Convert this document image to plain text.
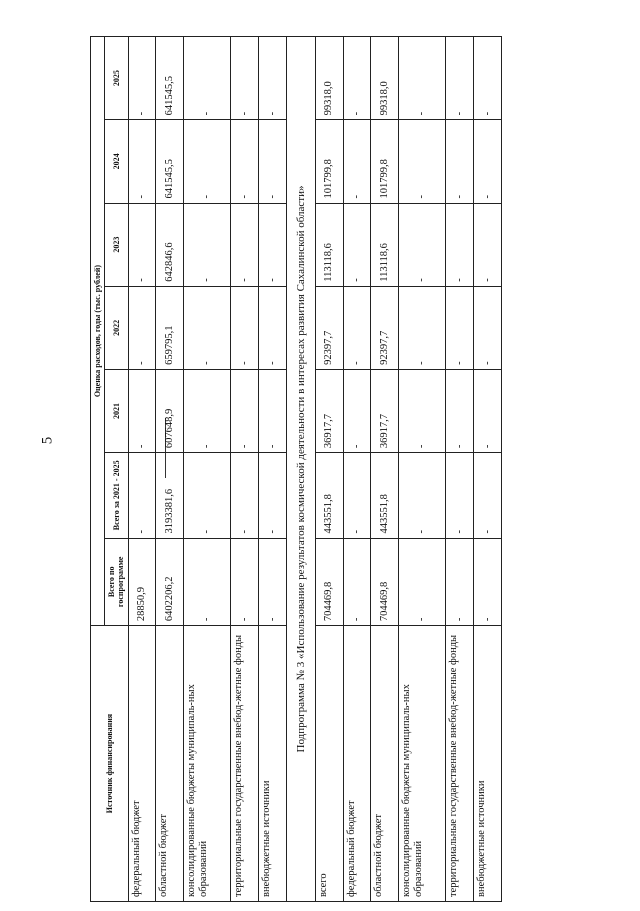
5
Источник финансирования	Оценка расходов, годы (тыс. рублей)						
	Всего по госпрограмме	Всего за 2021 - 2025	2021	2022	2023	2024	2025
федеральный бюджет	28850,9	-	-	-	-	-	-
областной бюджет	6402206,2	3193381,6	607648,9	659795,1	642846,6	641545,5	641545,5
консолидированные бюджеты муниципаль-ных образований	-	-	-	-	-	-	-
территориальные государственные внебюд-жетные фонды	-	-	-	-	-	-	-
внебюджетные источники	-	-	-	-	-	-	-
Подпрограмма № 3 «Использование результатов космической деятельности в интересах развития Сахалинской области»							
всего	704469,8	443551,8	36917,7	92397,7	113118,6	101799,8	99318,0
федеральный бюджет	-	-	-	-	-	-	-
областной бюджет	704469,8	443551,8	36917,7	92397,7	113118,6	101799,8	99318,0
консолидированные бюджеты муниципаль-ных образований	-	-	-	-	-	-	-
территориальные государственные внебюд-жетные фонды	-	-	-	-	-	-	-
внебюджетные источники	-	-	-	-	-	-	-
